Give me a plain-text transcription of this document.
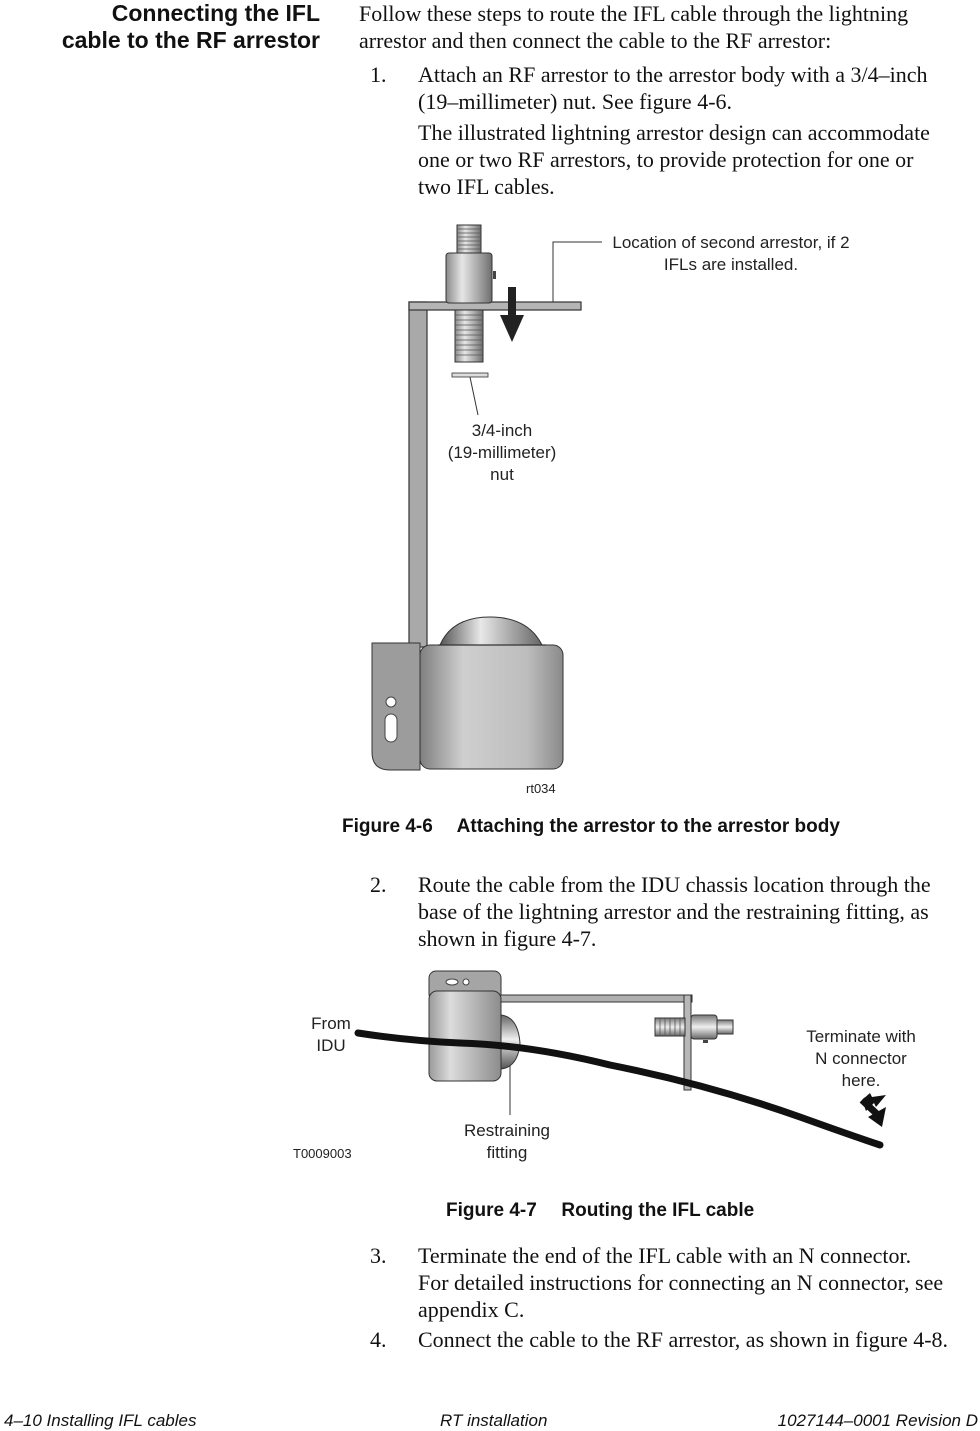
Connecting the IFL
cable to the RF arrestor
Follow these steps to route the IFL cable through the lightning
arrestor and then connect the cable to the RF arrestor:
1. Attach an RF arrestor to the arrestor body with a 3/4–inch
(19–millimeter) nut. See figure 4-6.
The illustrated lightning arrestor design can accommodate
one or two RF arrestors, to provide protection for one or
two IFL cables.
Location of second arrestor, if 2
IFLs are installed.
3/4-inch
(19-millimeter)
nut
rt034
Figure 4-6 Attaching the arrestor to the arrestor body
2. Route the cable from the IDU chassis location through the
base of the lightning arrestor and the restraining fitting, as
shown in figure 4-7.
From
IDU	Terminate with
N connector
here.
Restraining
fitting
T0009003
Figure 4-7 Routing the IFL cable
3. Terminate the end of the IFL cable with an N connector.
For detailed instructions for connecting an N connector, see
appendix C.
4. Connect the cable to the RF arrestor, as shown in figure 4-8.
4–10 Installing IFL cables	RT installation	1027144–0001 Revision D
